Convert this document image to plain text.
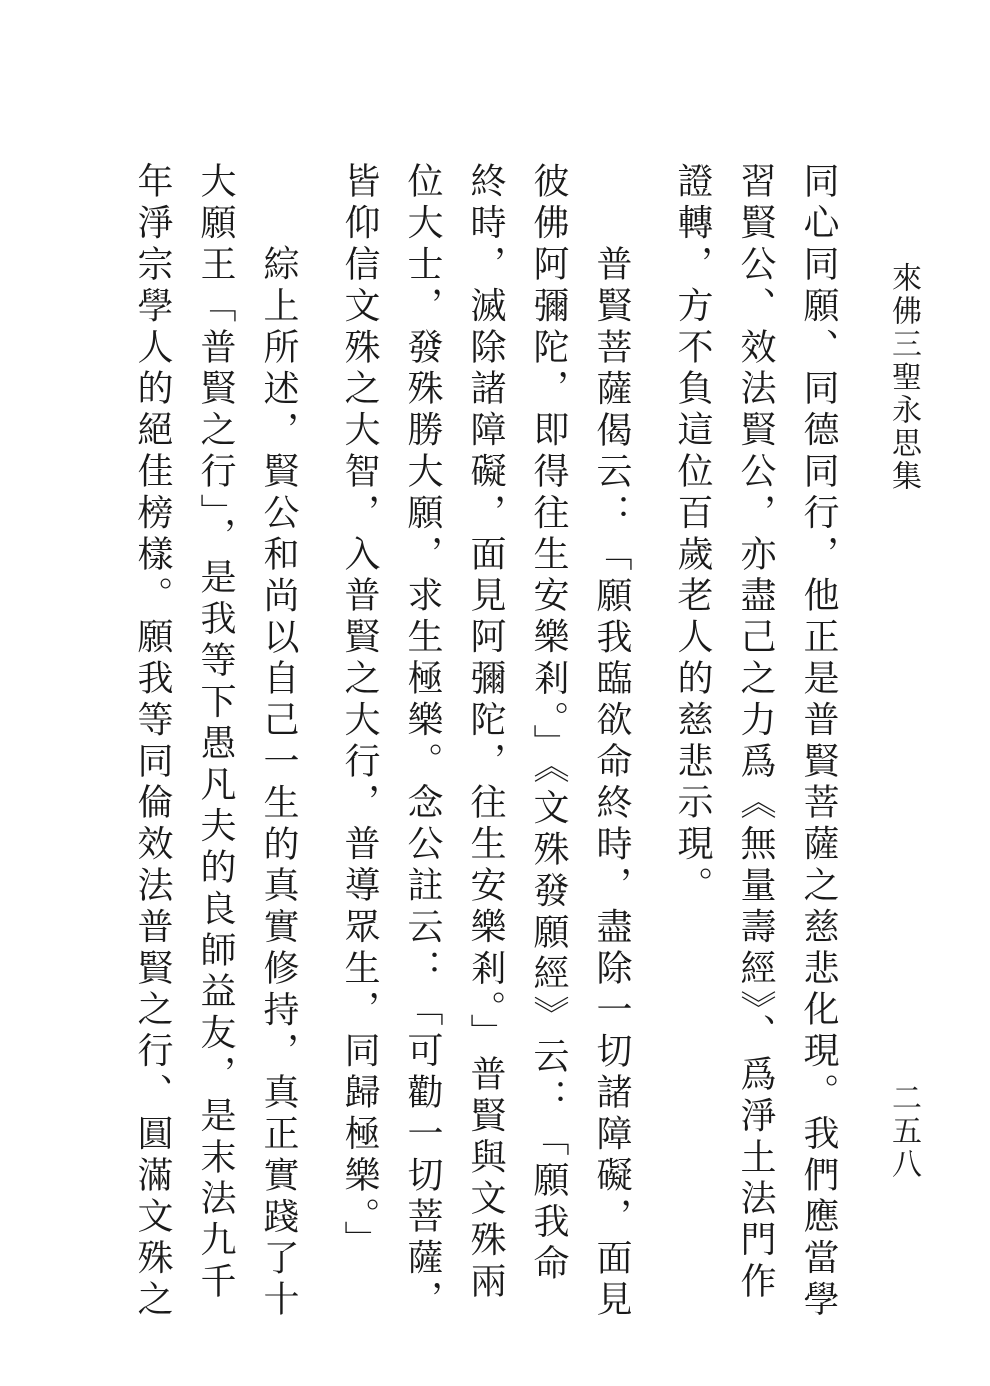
來佛三聖永思集
二五八
同心同願、同德同行，他正是普賢菩薩之慈悲化現。我們應當學
習賢公、效法賢公，亦盡己之力爲《無量壽經》、爲淨土法門作
證轉，方不負這位百歲老人的慈悲示現。
普賢菩薩偈云：「願我臨欲命終時，盡除一切諸障礙，面見
彼佛阿彌陀，即得往生安樂剎。」《文殊發願經》云：「願我命
終時，滅除諸障礙，面見阿彌陀，往生安樂剎。」普賢與文殊兩
位大士，發殊勝大願，求生極樂。念公註云：「可勸一切菩薩，
皆仰信文殊之大智，入普賢之大行，普導眾生，同歸極樂。」
綜上所述，賢公和尚以自己一生的真實修持，真正實踐了十
大願王「普賢之行」，是我等下愚凡夫的良師益友，是末法九千
年淨宗學人的絕佳榜樣。願我等同倫效法普賢之行、圓滿文殊之
